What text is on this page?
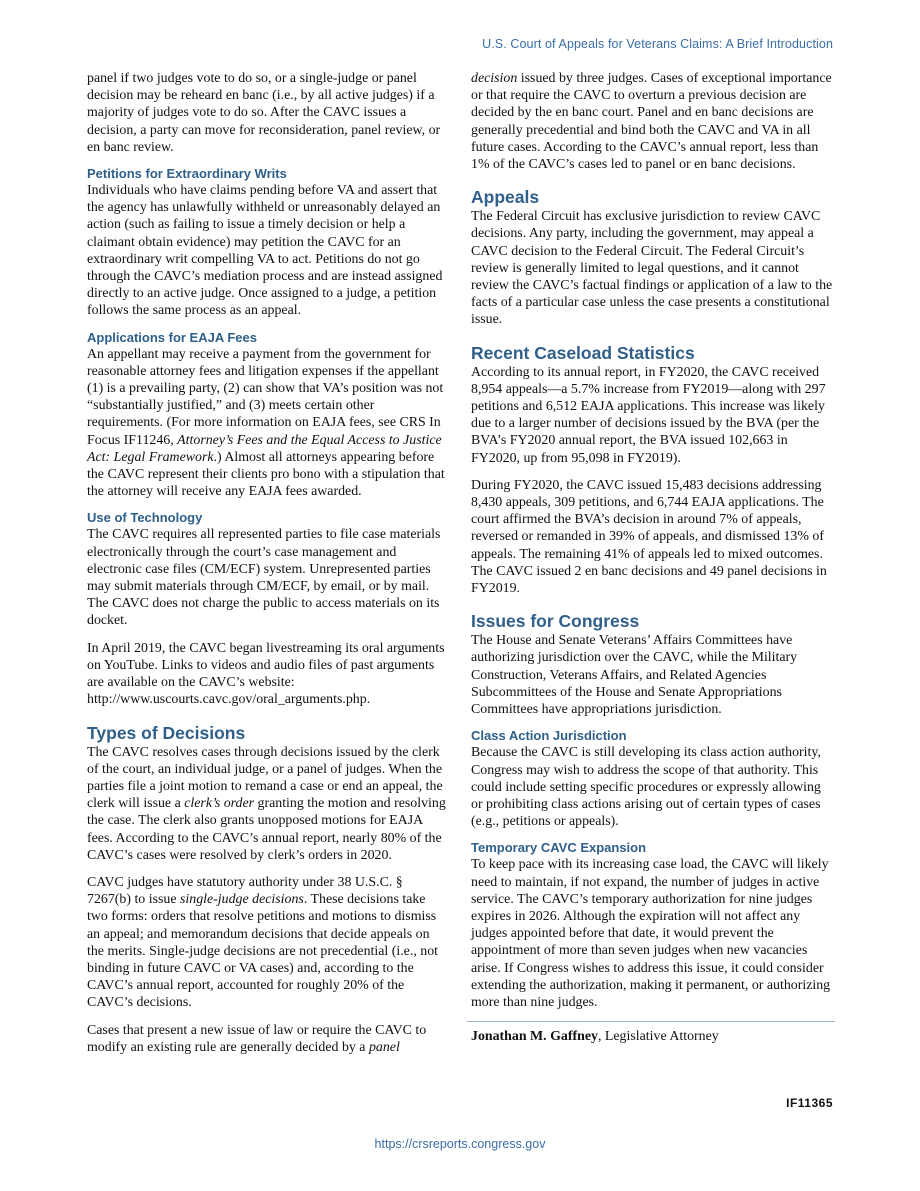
U.S. Court of Appeals for Veterans Claims: A Brief Introduction

panel if two judges vote to do so, or a single-judge or panel decision may be reheard en banc (i.e., by all active judges) if a majority of judges vote to do so. After the CAVC issues a decision, a party can move for reconsideration, panel review, or en banc review.

Petitions for Extraordinary Writs

Individuals who have claims pending before VA and assert that the agency has unlawfully withheld or unreasonably delayed an action (such as failing to issue a timely decision or help a claimant obtain evidence) may petition the CAVC for an extraordinary writ compelling VA to act. Petitions do not go through the CAVC’s mediation process and are instead assigned directly to an active judge. Once assigned to a judge, a petition follows the same process as an appeal.

Applications for EAJA Fees

An appellant may receive a payment from the government for reasonable attorney fees and litigation expenses if the appellant (1) is a prevailing party, (2) can show that VA’s position was not “substantially justified,” and (3) meets certain other requirements. (For more information on EAJA fees, see CRS In Focus IF11246, Attorney’s Fees and the Equal Access to Justice Act: Legal Framework.) Almost all attorneys appearing before the CAVC represent their clients pro bono with a stipulation that the attorney will receive any EAJA fees awarded.

Use of Technology

The CAVC requires all represented parties to file case materials electronically through the court’s case management and electronic case files (CM/ECF) system. Unrepresented parties may submit materials through CM/ECF, by email, or by mail. The CAVC does not charge the public to access materials on its docket.

In April 2019, the CAVC began livestreaming its oral arguments on YouTube. Links to videos and audio files of past arguments are available on the CAVC’s website: http://www.uscourts.cavc.gov/oral_arguments.php.

Types of Decisions

The CAVC resolves cases through decisions issued by the clerk of the court, an individual judge, or a panel of judges. When the parties file a joint motion to remand a case or end an appeal, the clerk will issue a clerk’s order granting the motion and resolving the case. The clerk also grants unopposed motions for EAJA fees. According to the CAVC’s annual report, nearly 80% of the CAVC’s cases were resolved by clerk’s orders in 2020.

CAVC judges have statutory authority under 38 U.S.C. § 7267(b) to issue single-judge decisions. These decisions take two forms: orders that resolve petitions and motions to dismiss an appeal; and memorandum decisions that decide appeals on the merits. Single-judge decisions are not precedential (i.e., not binding in future CAVC or VA cases) and, according to the CAVC’s annual report, accounted for roughly 20% of the CAVC’s decisions.

Cases that present a new issue of law or require the CAVC to modify an existing rule are generally decided by a panel

decision issued by three judges. Cases of exceptional importance or that require the CAVC to overturn a previous decision are decided by the en banc court. Panel and en banc decisions are generally precedential and bind both the CAVC and VA in all future cases. According to the CAVC’s annual report, less than 1% of the CAVC’s cases led to panel or en banc decisions.

Appeals

The Federal Circuit has exclusive jurisdiction to review CAVC decisions. Any party, including the government, may appeal a CAVC decision to the Federal Circuit. The Federal Circuit’s review is generally limited to legal questions, and it cannot review the CAVC’s factual findings or application of a law to the facts of a particular case unless the case presents a constitutional issue.

Recent Caseload Statistics

According to its annual report, in FY2020, the CAVC received 8,954 appeals—a 5.7% increase from FY2019—along with 297 petitions and 6,512 EAJA applications. This increase was likely due to a larger number of decisions issued by the BVA (per the BVA’s FY2020 annual report, the BVA issued 102,663 in FY2020, up from 95,098 in FY2019).

During FY2020, the CAVC issued 15,483 decisions addressing 8,430 appeals, 309 petitions, and 6,744 EAJA applications. The court affirmed the BVA’s decision in around 7% of appeals, reversed or remanded in 39% of appeals, and dismissed 13% of appeals. The remaining 41% of appeals led to mixed outcomes. The CAVC issued 2 en banc decisions and 49 panel decisions in FY2019.

Issues for Congress

The House and Senate Veterans’ Affairs Committees have authorizing jurisdiction over the CAVC, while the Military Construction, Veterans Affairs, and Related Agencies Subcommittees of the House and Senate Appropriations Committees have appropriations jurisdiction.

Class Action Jurisdiction

Because the CAVC is still developing its class action authority, Congress may wish to address the scope of that authority. This could include setting specific procedures or expressly allowing or prohibiting class actions arising out of certain types of cases (e.g., petitions or appeals).

Temporary CAVC Expansion

To keep pace with its increasing case load, the CAVC will likely need to maintain, if not expand, the number of judges in active service. The CAVC’s temporary authorization for nine judges expires in 2026. Although the expiration will not affect any judges appointed before that date, it would prevent the appointment of more than seven judges when new vacancies arise. If Congress wishes to address this issue, it could consider extending the authorization, making it permanent, or authorizing more than nine judges.

Jonathan M. Gaffney, Legislative Attorney

IF11365
https://crsreports.congress.gov
